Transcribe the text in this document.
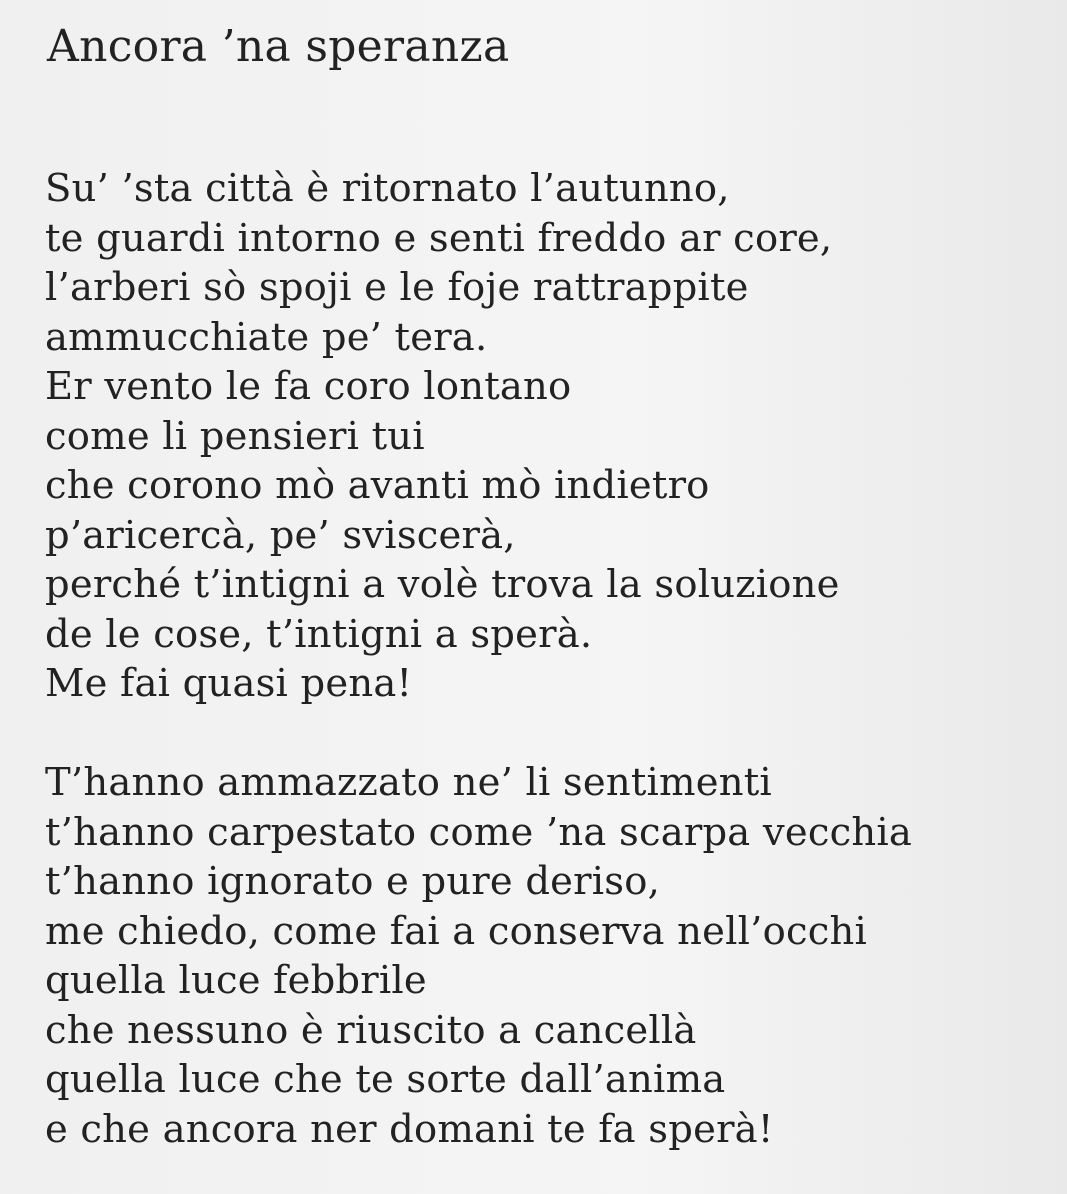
Ancora ’na speranza
Su’ ’sta città è ritornato l’autunno,
te guardi intorno e senti freddo ar core,
l’arberi sò spoji e le foje rattrappite
ammucchiate pe’ tera.
Er vento le fa coro lontano
come li pensieri tui
che corono mò avanti mò indietro
p’aricercà, pe’ sviscerà,
perché t’intigni a volè trova la soluzione
de le cose, t’intigni a sperà.
Me fai quasi pena!
T’hanno ammazzato ne’ li sentimenti
t’hanno carpestato come ’na scarpa vecchia
t’hanno ignorato e pure deriso,
me chiedo, come fai a conserva nell’occhi
quella luce febbrile
che nessuno è riuscito a cancellà
quella luce che te sorte dall’anima
e che ancora ner domani te fa sperà!
